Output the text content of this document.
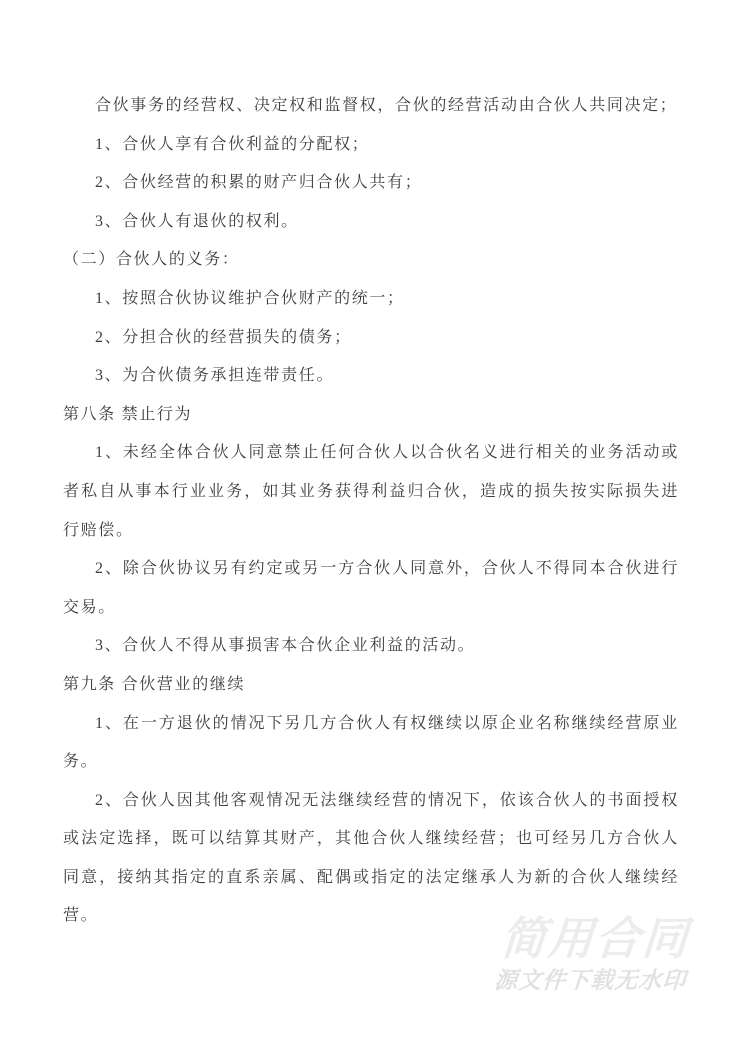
合伙事务的经营权、决定权和监督权，合伙的经营活动由合伙人共同决定；

1、合伙人享有合伙利益的分配权；

2、合伙经营的积累的财产归合伙人共有；

3、合伙人有退伙的权利。

（二）合伙人的义务：

1、按照合伙协议维护合伙财产的统一；

2、分担合伙的经营损失的债务；

3、为合伙债务承担连带责任。

第八条 禁止行为

1、未经全体合伙人同意禁止任何合伙人以合伙名义进行相关的业务活动或者私自从事本行业业务，如其业务获得利益归合伙，造成的损失按实际损失进行赔偿。

2、除合伙协议另有约定或另一方合伙人同意外，合伙人不得同本合伙进行交易。

3、合伙人不得从事损害本合伙企业利益的活动。

第九条 合伙营业的继续

1、在一方退伙的情况下另几方合伙人有权继续以原企业名称继续经营原业务。

2、合伙人因其他客观情况无法继续经营的情况下，依该合伙人的书面授权或法定选择，既可以结算其财产，其他合伙人继续经营；也可经另几方合伙人同意，接纳其指定的直系亲属、配偶或指定的法定继承人为新的合伙人继续经营。	简用合同
源文件下载无水印
